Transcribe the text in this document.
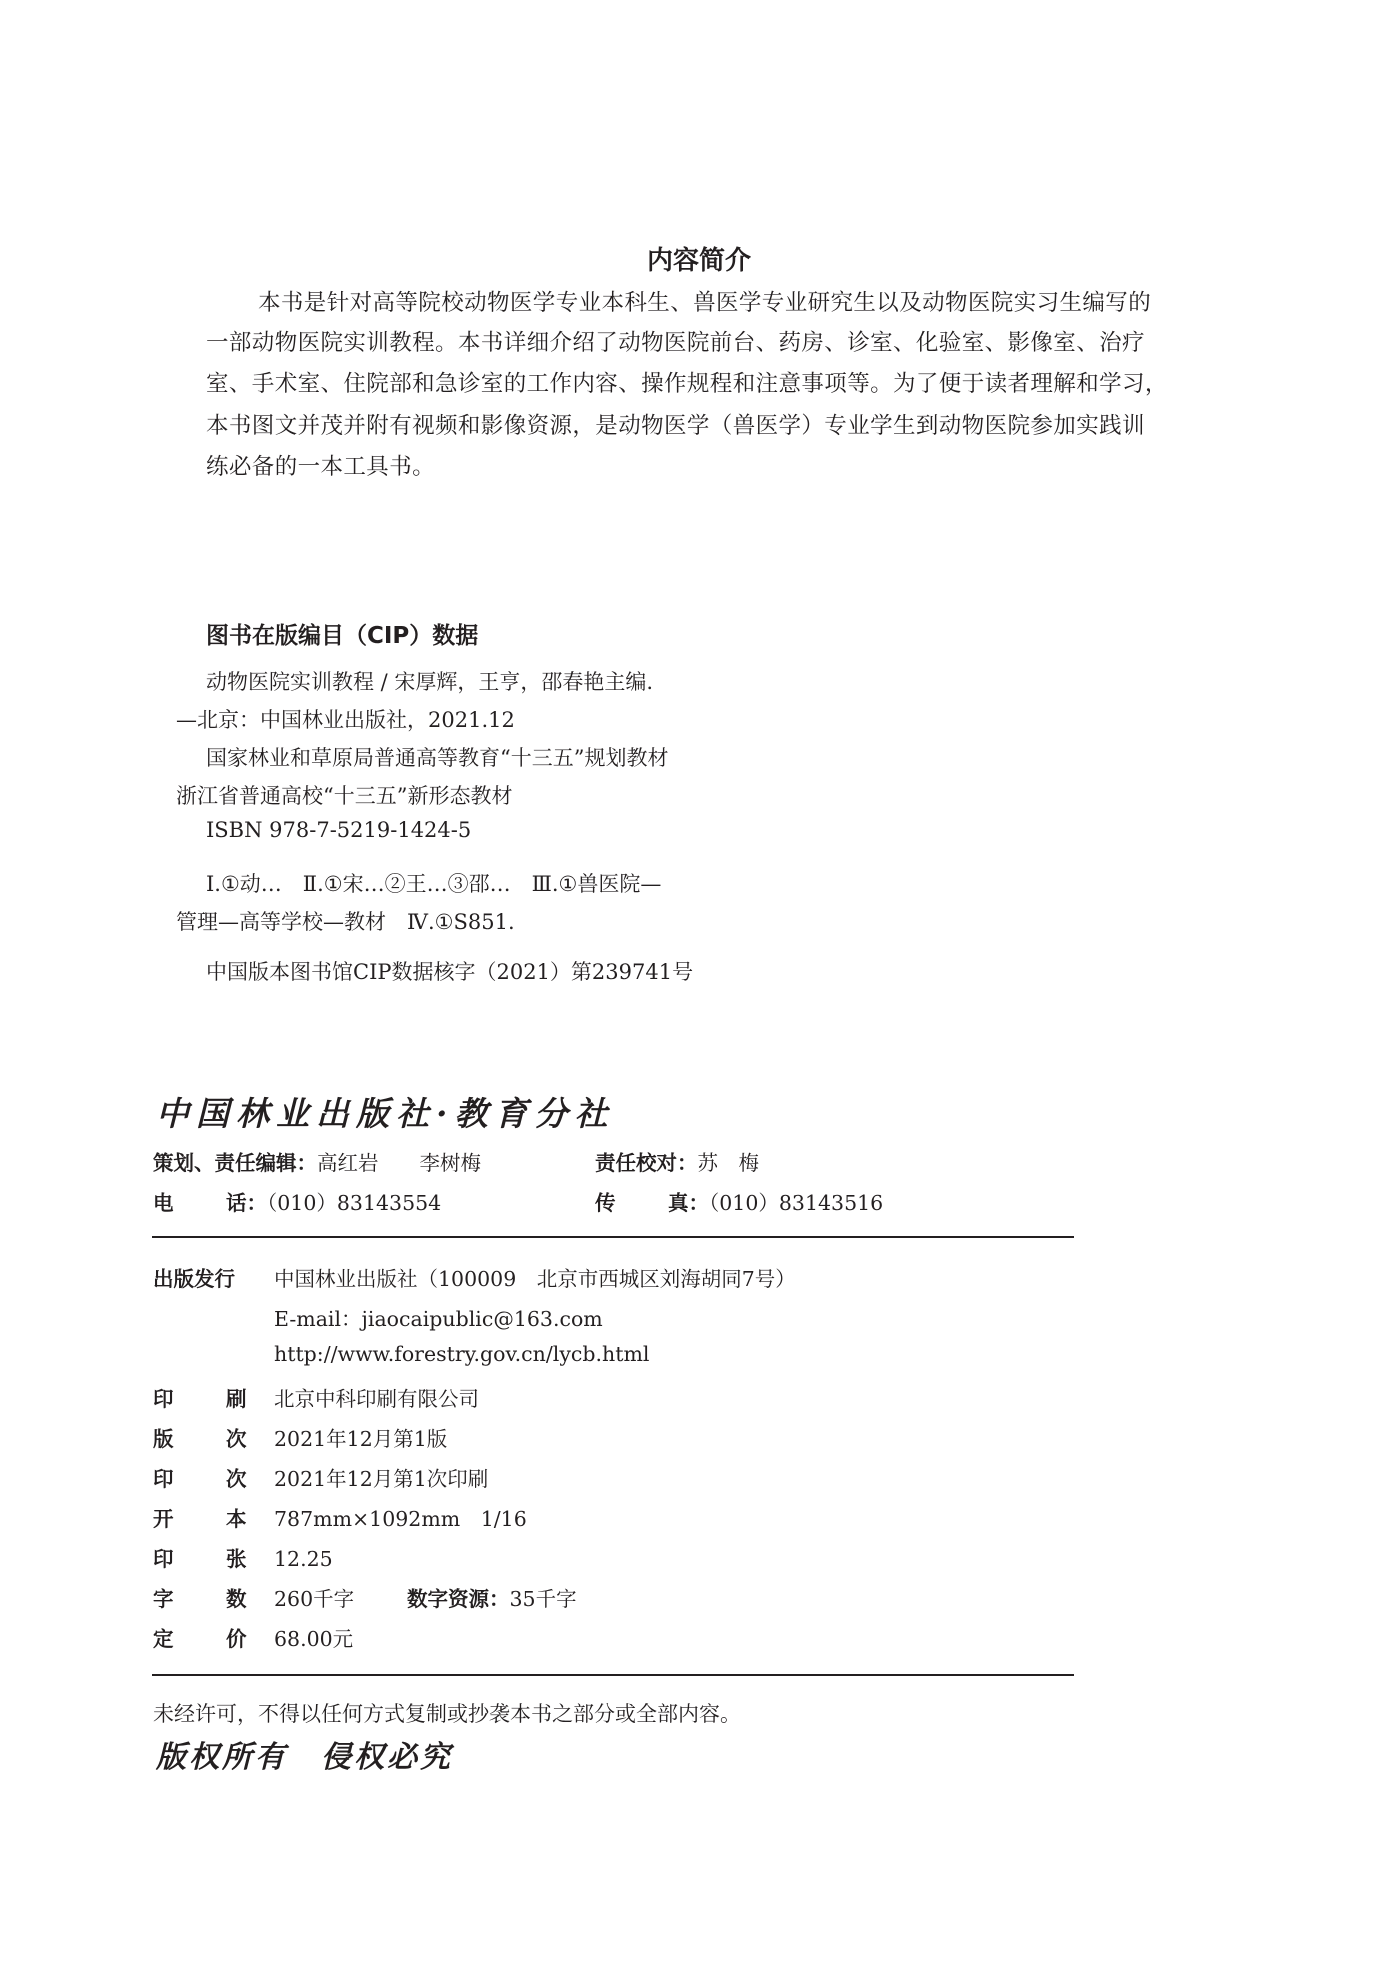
内容简介
本书是针对高等院校动物医学专业本科生、兽医学专业研究生以及动物医院实习生编写的
一部动物医院实训教程。本书详细介绍了动物医院前台、药房、诊室、化验室、影像室、治疗
室、手术室、住院部和急诊室的工作内容、操作规程和注意事项等。为了便于读者理解和学习，
本书图文并茂并附有视频和影像资源，是动物医学（兽医学）专业学生到动物医院参加实践训
练必备的一本工具书。
图书在版编目（CIP）数据
动物医院实训教程 / 宋厚辉，王亨，邵春艳主编.
—北京：中国林业出版社，2021.12
国家林业和草原局普通高等教育“十三五”规划教材
浙江省普通高校“十三五”新形态教材
ISBN 978-7-5219-1424-5
Ⅰ.①动…　Ⅱ.①宋…②王…③邵…　Ⅲ.①兽医院—
管理—高等学校—教材　Ⅳ.①S851.
中国版本图书馆CIP数据核字（2021）第239741号
中国林业出版社·教育分社
策划、责任编辑：高红岩　　李树梅	责任校对：苏　梅
电	话：（010）83143554	传	真：（010）83143516
出版发行 中国林业出版社（100009　北京市西城区刘海胡同7号）
E-mail：jiaocaipublic@163.com
http://www.forestry.gov.cn/lycb.html
印	刷 北京中科印刷有限公司
版	次 2021年12月第1版
印	次 2021年12月第1次印刷
开	本 787mm×1092mm　1/16
印	张 12.25
字	数 260千字	数字资源：35千字
定	价 68.00元
未经许可，不得以任何方式复制或抄袭本书之部分或全部内容。
版权所有　侵权必究
